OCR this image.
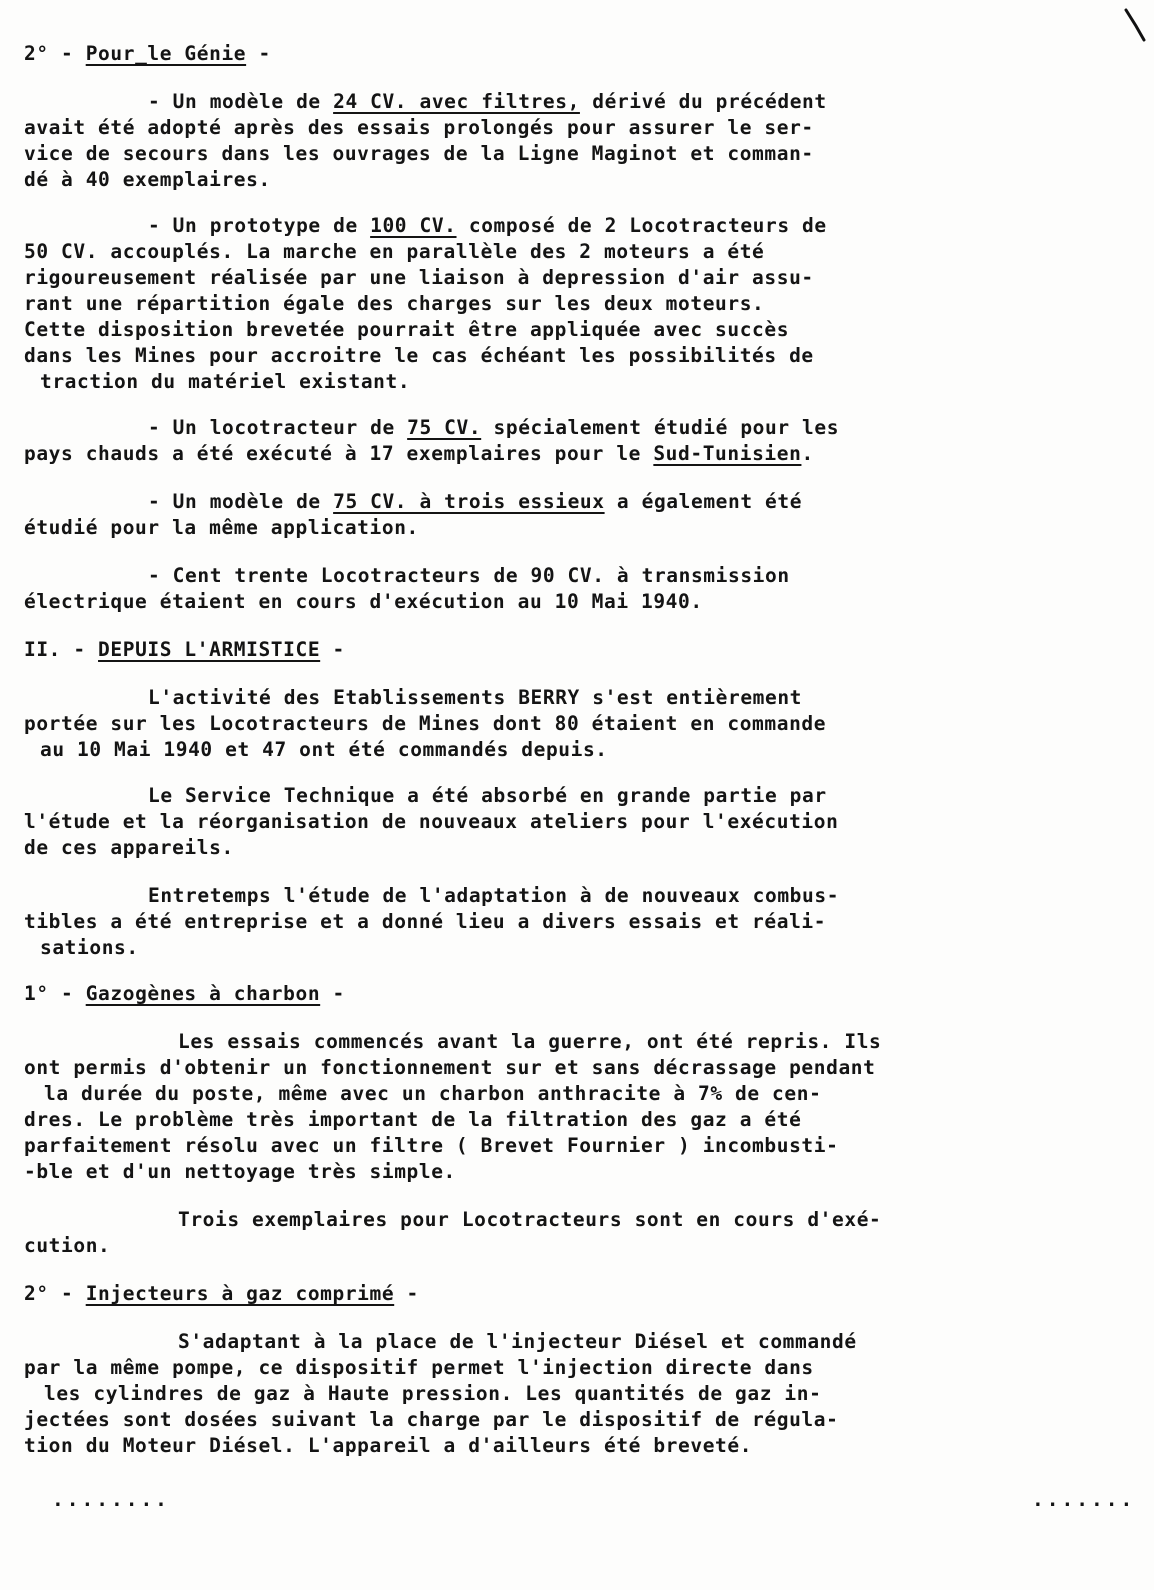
2° - Pour_le Génie -
- Un modèle de 24 CV. avec filtres, dérivé du précédent
avait été adopté après des essais prolongés pour assurer le ser-
vice de secours dans les ouvrages de la Ligne Maginot et comman-
dé à 40 exemplaires.
- Un prototype de 100 CV. composé de 2 Locotracteurs de
50 CV. accouplés. La marche en parallèle des 2 moteurs a été
rigoureusement réalisée par une liaison à depression d'air assu-
rant une répartition égale des charges sur les deux moteurs.
Cette disposition brevetée pourrait être appliquée avec succès
dans les Mines pour accroitre le cas échéant les possibilités de
traction du matériel existant.
- Un locotracteur de 75 CV. spécialement étudié pour les
pays chauds a été exécuté à 17 exemplaires pour le Sud-Tunisien.
- Un modèle de 75 CV. à trois essieux a également été
étudié pour la même application.
- Cent trente Locotracteurs de 90 CV. à transmission
électrique étaient en cours d'exécution au 10 Mai 1940.
II. - DEPUIS L'ARMISTICE -
L'activité des Etablissements BERRY s'est entièrement
portée sur les Locotracteurs de Mines dont 80 étaient en commande
au 10 Mai 1940 et 47 ont été commandés depuis.
Le Service Technique a été absorbé en grande partie par
l'étude et la réorganisation de nouveaux ateliers pour l'exécution
de ces appareils.
Entretemps l'étude de l'adaptation à de nouveaux combus-
tibles a été entreprise et a donné lieu a divers essais et réali-
sations.
1° - Gazogènes à charbon -
Les essais commencés avant la guerre, ont été repris. Ils
ont permis d'obtenir un fonctionnement sur et sans décrassage pendant
la durée du poste, même avec un charbon anthracite à 7% de cen-
dres. Le problème très important de la filtration des gaz a été
parfaitement résolu avec un filtre ( Brevet Fournier ) incombusti-
-ble et d'un nettoyage très simple.
Trois exemplaires pour Locotracteurs sont en cours d'exé-
cution.
2° - Injecteurs à gaz comprimé -
S'adaptant à la place de l'injecteur Diésel et commandé
par la même pompe, ce dispositif permet l'injection directe dans
les cylindres de gaz à Haute pression. Les quantités de gaz in-
jectées sont dosées suivant la charge par le dispositif de régula-
tion du Moteur Diésel. L'appareil a d'ailleurs été breveté.
........	.......
